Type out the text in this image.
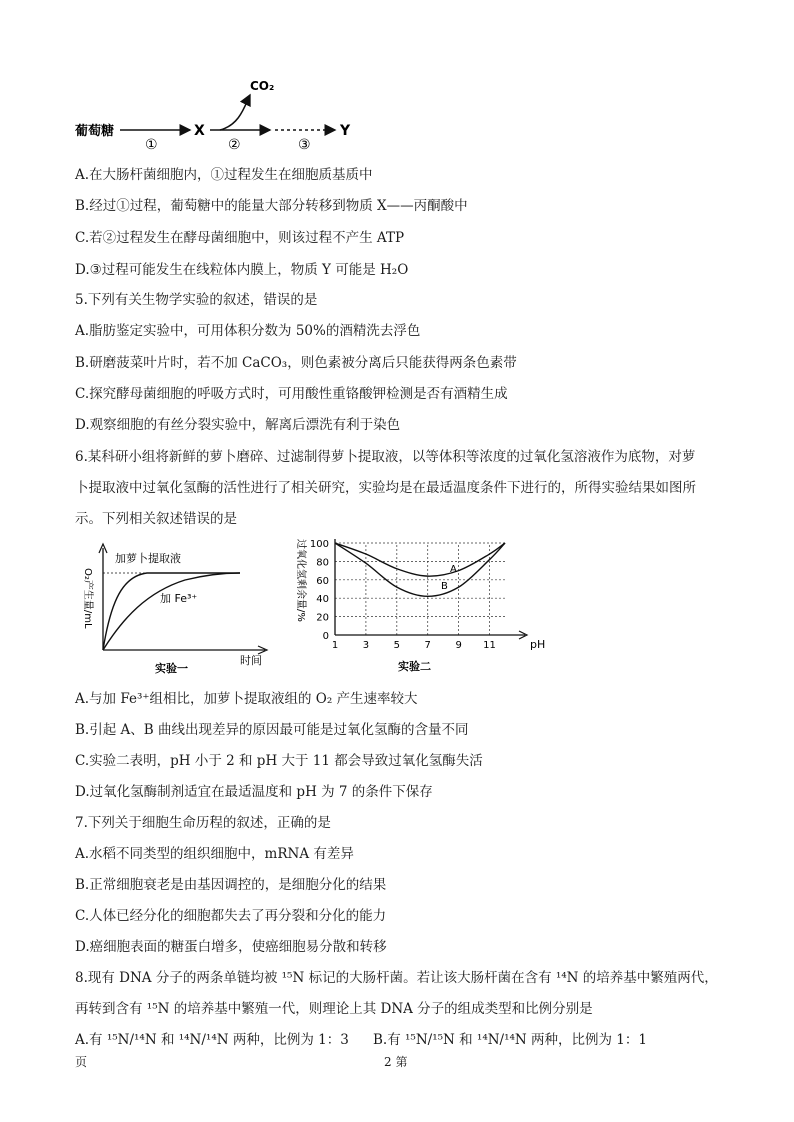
葡萄糖
①
X
CO₂
②	③
Y
A.在大肠杆菌细胞内，①过程发生在细胞质基质中
B.经过①过程，葡萄糖中的能量大部分转移到物质 X——丙酮酸中
C.若②过程发生在酵母菌细胞中，则该过程不产生 ATP
D.③过程可能发生在线粒体内膜上，物质 Y 可能是 H₂O
5.下列有关生物学实验的叙述，错误的是
A.脂肪鉴定实验中，可用体积分数为 50%的酒精洗去浮色
B.研磨菠菜叶片时，若不加 CaCO₃，则色素被分离后只能获得两条色素带
C.探究酵母菌细胞的呼吸方式时，可用酸性重铬酸钾检测是否有酒精生成
D.观察细胞的有丝分裂实验中，解离后漂洗有利于染色
6.某科研小组将新鲜的萝卜磨碎、过滤制得萝卜提取液，以等体积等浓度的过氧化氢溶液作为底物，对萝
卜提取液中过氧化氢酶的活性进行了相关研究，实验均是在最适温度条件下进行的，所得实验结果如图所
示。下列相关叙述错误的是
O₂产生量/mL
加萝卜提取液
加 Fe³⁺
时间
实验一
过氧化氢剩余量/%
0
20
40
60
80
100
1 3 5 7 9 11
A
B
pH
实验二
A.与加 Fe³⁺组相比，加萝卜提取液组的 O₂ 产生速率较大
B.引起 A、B 曲线出现差异的原因最可能是过氧化氢酶的含量不同
C.实验二表明，pH 小于 2 和 pH 大于 11 都会导致过氧化氢酶失活
D.过氧化氢酶制剂适宜在最适温度和 pH 为 7 的条件下保存
7.下列关于细胞生命历程的叙述，正确的是
A.水稻不同类型的组织细胞中，mRNA 有差异
B.正常细胞衰老是由基因调控的，是细胞分化的结果
C.人体已经分化的细胞都失去了再分裂和分化的能力
D.癌细胞表面的糖蛋白增多，使癌细胞易分散和转移
8.现有 DNA 分子的两条单链均被 ¹⁵N 标记的大肠杆菌。若让该大肠杆菌在含有 ¹⁴N 的培养基中繁殖两代，
再转到含有 ¹⁵N 的培养基中繁殖一代，则理论上其 DNA 分子的组成类型和比例分别是
A.有 ¹⁵N/¹⁴N 和 ¹⁴N/¹⁴N 两种，比例为 1：3 B.有 ¹⁵N/¹⁵N 和 ¹⁴N/¹⁴N 两种，比例为 1：1
页	2 第
